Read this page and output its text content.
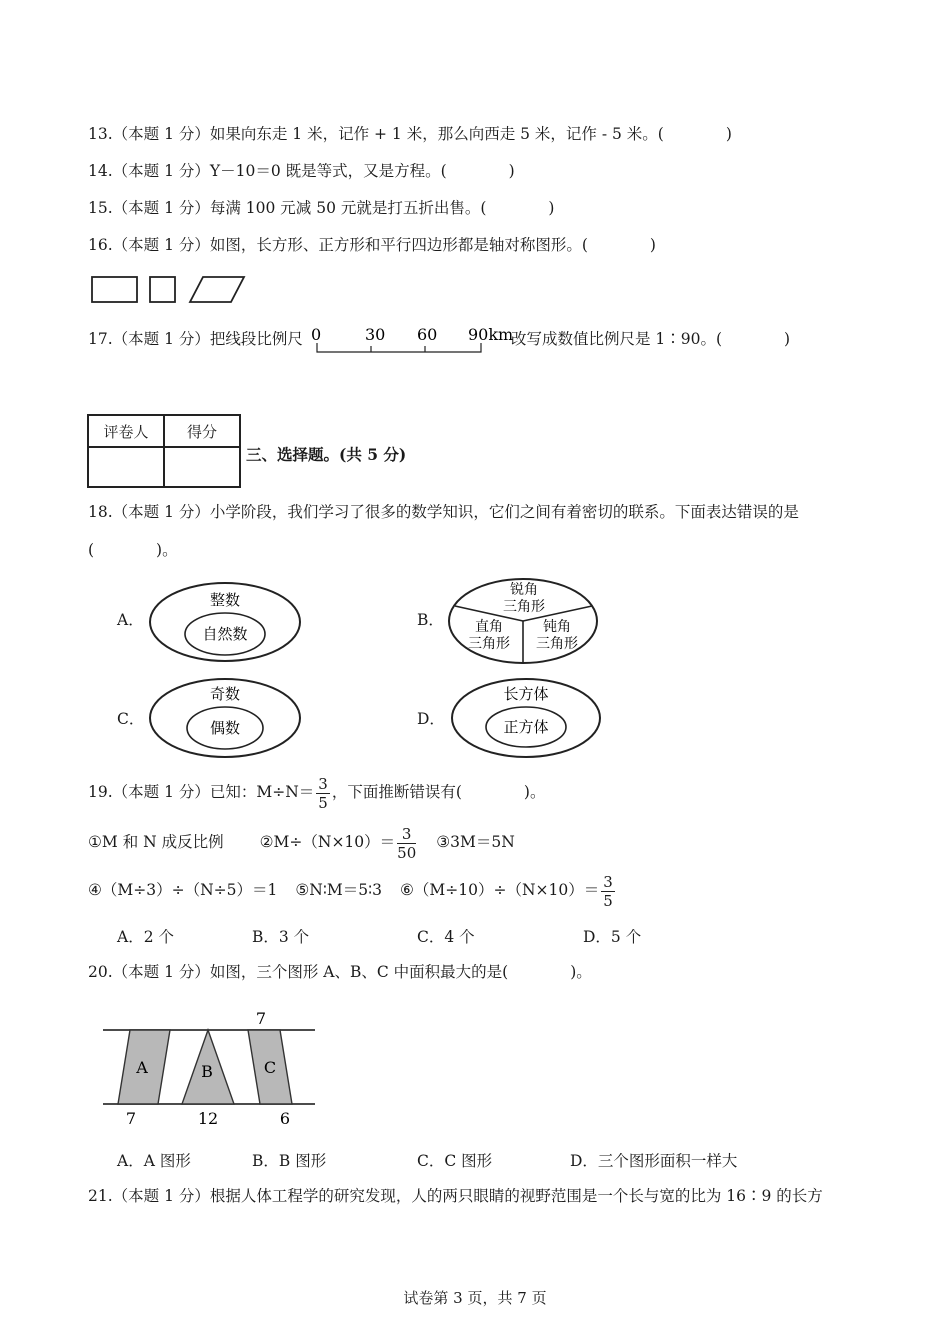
13.（本题 1 分）如果向东走 1 米，记作 + 1 米，那么向西走 5 米，记作 - 5 米。(　　　　)
14.（本题 1 分）Y－10＝0 既是等式，又是方程。(　　　　)
15.（本题 1 分）每满 100 元减 50 元就是打五折出售。(　　　　)
16.（本题 1 分）如图，长方形、正方形和平行四边形都是轴对称图形。(　　　　)
17.（本题 1 分）把线段比例尺 0	30 60 90km
改写成数值比例尺是 1∶90。(　　　　)
评卷人	得分

三、选择题。(共 5 分)
18.（本题 1 分）小学阶段，我们学习了很多的数学知识，它们之间有着密切的联系。下面表达错误的是
(　　　　)。
A．
整数
自然数
B．
锐角
三角形
直角
三角形
钝角
三角形
C．
奇数
偶数	D．
长方体
正方体
19.（本题 1 分）已知：$M\div N= \frac{3}{5}$ ，下面推断错误有(　　　　)。
①M 和 N 成反比例 ②M÷（N×10）＝ $\frac{3}{50}$ ③3M＝5N
④（M÷3）÷（N÷5）＝1 ⑤N∶M＝5∶3 ⑥（M÷10）÷（N×10）＝ $\frac{3}{5}$
A．2 个	B．3 个	C．4 个	D．5 个
20.（本题 1 分）如图，三个图形 A、B、C 中面积最大的是(　　　　)。
A	B	C
7
7	12	6
A．A 图形	B．B 图形	C．C 图形	D．三个图形面积一样大
21.（本题 1 分）根据人体工程学的研究发现，人的两只眼睛的视野范围是一个长与宽的比为 16∶9 的长方
试卷第 3 页，共 7 页
